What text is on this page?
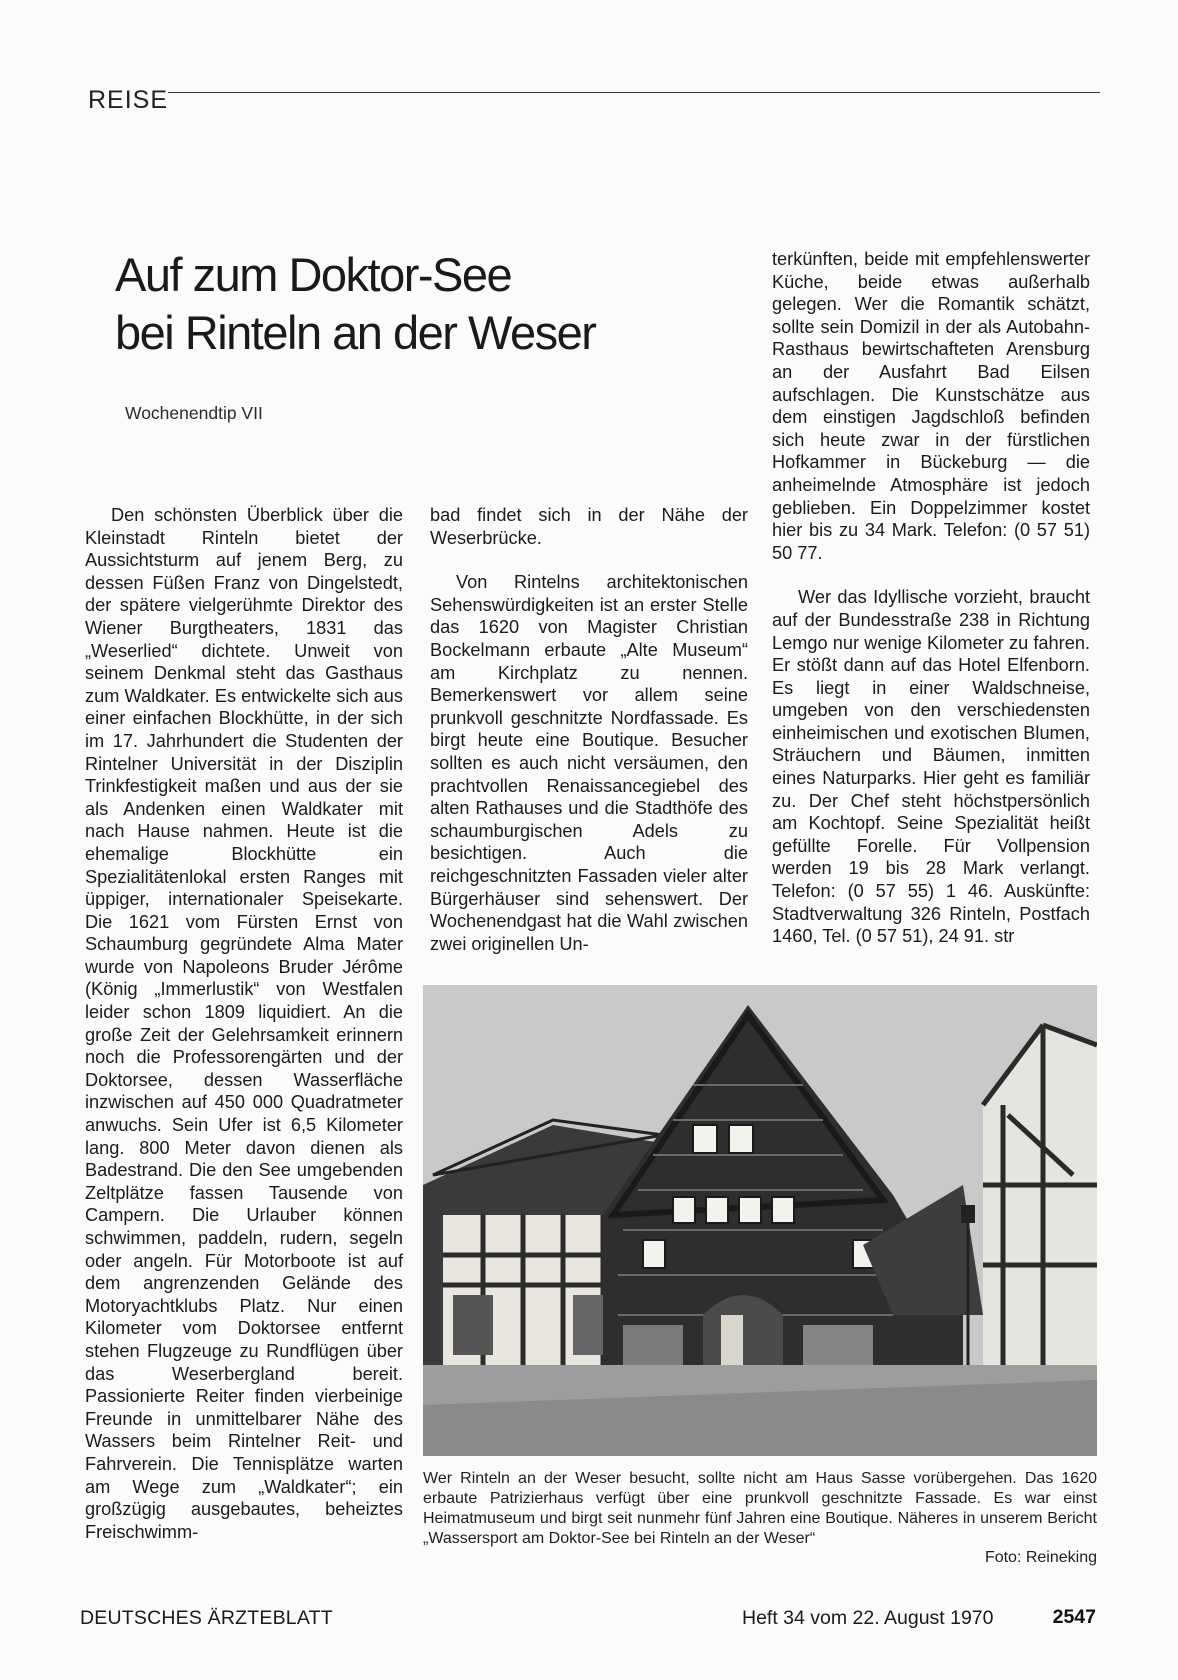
REISE
Auf zum Doktor-See
bei Rinteln an der Weser
Wochenendtip VII

Den schönsten Überblick über die Kleinstadt Rinteln bietet der Aussichtsturm auf jenem Berg, zu dessen Füßen Franz von Dingelstedt, der spätere vielgerühmte Direktor des Wiener Burgtheaters, 1831 das „Weserlied“ dichtete. Unweit von seinem Denkmal steht das Gasthaus zum Waldkater. Es entwickelte sich aus einer einfachen Blockhütte, in der sich im 17. Jahrhundert die Studenten der Rintelner Universität in der Disziplin Trinkfestigkeit maßen und aus der sie als Andenken einen Waldkater mit nach Hause nahmen. Heute ist die ehemalige Blockhütte ein Spezialitätenlokal ersten Ranges mit üppiger, internationaler Speisekarte. Die 1621 vom Fürsten Ernst von Schaumburg gegründete Alma Mater wurde von Napoleons Bruder Jérôme (König „Immerlustik“ von Westfalen leider schon 1809 liquidiert. An die große Zeit der Gelehrsamkeit erinnern noch die Professorengärten und der Doktorsee, dessen Wasserfläche inzwischen auf 450 000 Quadratmeter anwuchs. Sein Ufer ist 6,5 Kilometer lang. 800 Meter davon dienen als Badestrand. Die den See umgebenden Zeltplätze fassen Tausende von Campern. Die Urlauber können schwimmen, paddeln, rudern, segeln oder angeln. Für Motorboote ist auf dem angrenzenden Gelände des Motoryachtklubs Platz. Nur einen Kilometer vom Doktorsee entfernt stehen Flugzeuge zu Rundflügen über das Weserbergland bereit. Passionierte Reiter finden vierbeinige Freunde in unmittelbarer Nähe des Wassers beim Rintelner Reit- und Fahrverein. Die Tennisplätze warten am Wege zum „Waldkater“; ein großzügig ausgebautes, beheiztes Freischwimm-

bad findet sich in der Nähe der Weserbrücke.

Von Rintelns architektonischen Sehenswürdigkeiten ist an erster Stelle das 1620 von Magister Christian Bockelmann erbaute „Alte Museum“ am Kirchplatz zu nennen. Bemerkenswert vor allem seine prunkvoll geschnitzte Nordfassade. Es birgt heute eine Boutique. Besucher sollten es auch nicht versäumen, den prachtvollen Renaissancegiebel des alten Rathauses und die Stadthöfe des schaumburgischen Adels zu besichtigen. Auch die reichgeschnitzten Fassaden vieler alter Bürgerhäuser sind sehenswert. Der Wochenendgast hat die Wahl zwischen zwei originellen Un-

terkünften, beide mit empfehlenswerter Küche, beide etwas außerhalb gelegen. Wer die Romantik schätzt, sollte sein Domizil in der als Autobahn-Rasthaus bewirtschafteten Arensburg an der Ausfahrt Bad Eilsen aufschlagen. Die Kunstschätze aus dem einstigen Jagdschloß befinden sich heute zwar in der fürstlichen Hofkammer in Bückeburg — die anheimelnde Atmosphäre ist jedoch geblieben. Ein Doppelzimmer kostet hier bis zu 34 Mark. Telefon: (0 57 51) 50 77.

Wer das Idyllische vorzieht, braucht auf der Bundesstraße 238 in Richtung Lemgo nur wenige Kilometer zu fahren. Er stößt dann auf das Hotel Elfenborn. Es liegt in einer Waldschneise, umgeben von den verschiedensten einheimischen und exotischen Blumen, Sträuchern und Bäumen, inmitten eines Naturparks. Hier geht es familiär zu. Der Chef steht höchstpersönlich am Kochtopf. Seine Spezialität heißt gefüllte Forelle. Für Vollpension werden 19 bis 28 Mark verlangt. Telefon: (0 57 55) 1 46. Auskünfte: Stadtverwaltung 326 Rinteln, Postfach 1460, Tel. (0 57 51), 24 91. str

Wer Rinteln an der Weser besucht, sollte nicht am Haus Sasse vorübergehen. Das 1620 erbaute Patrizierhaus verfügt über eine prunkvoll geschnitzte Fassade. Es war einst Heimatmuseum und birgt seit nunmehr fünf Jahren eine Boutique. Näheres in unserem Bericht „Wassersport am Doktor-See bei Rinteln an der Weser“
Foto: Reineking
DEUTSCHES ÄRZTEBLATT	Heft 34 vom 22. August 1970	2547
